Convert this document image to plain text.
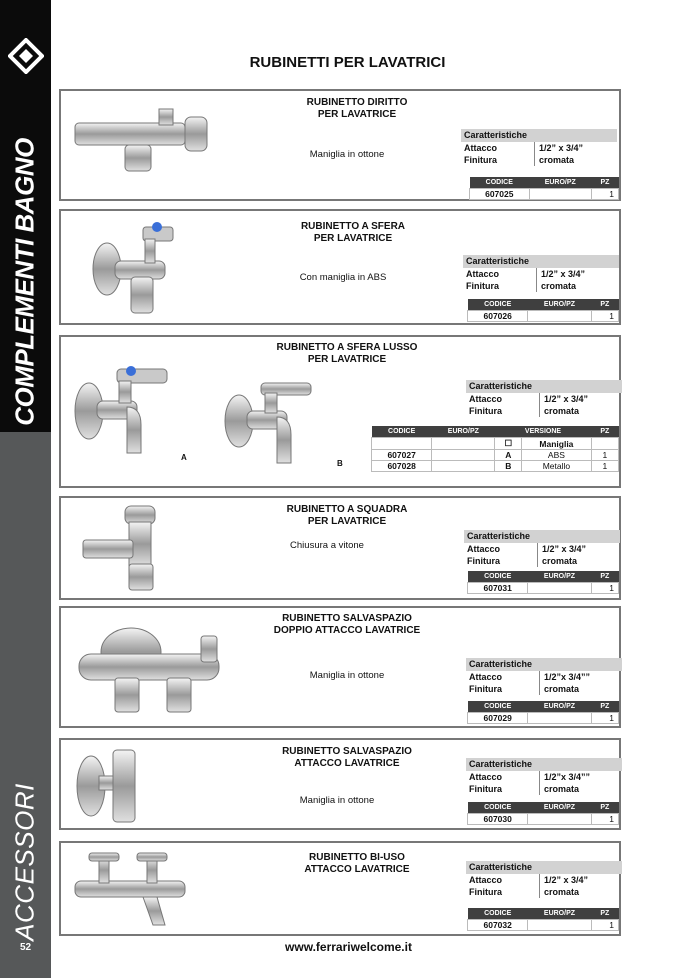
COMPLEMENTI BAGNO
ACCESSORI
52
RUBINETTI PER LAVATRICI
RUBINETTO DIRITTO
PER LAVATRICE
Maniglia in ottone
Caratteristiche
Attacco	1/2” x 3/4”
Finitura	cromata
CODICE	EURO/PZ	PZ
607025		1
RUBINETTO A SFERA
PER LAVATRICE
Con maniglia in ABS
Caratteristiche
Attacco	1/2” x 3/4”
Finitura	cromata
CODICE	EURO/PZ	PZ
607026		1
A
B
RUBINETTO A SFERA LUSSO
PER LAVATRICE
Caratteristiche
Attacco	1/2” x 3/4”
Finitura	cromata
CODICE	EURO/PZ	VERSIONE		PZ
		☐	Maniglia	
607027		A	ABS	1
607028		B	Metallo	1
RUBINETTO A SQUADRA
PER LAVATRICE
Chiusura a vitone
Caratteristiche
Attacco	1/2” x 3/4”
Finitura	cromata
CODICE	EURO/PZ	PZ
607031		1
RUBINETTO SALVASPAZIO
DOPPIO ATTACCO LAVATRICE
Maniglia in ottone
Caratteristiche
Attacco	1/2”x 3/4””
Finitura	cromata
CODICE	EURO/PZ	PZ
607029		1
RUBINETTO SALVASPAZIO
ATTACCO LAVATRICE
Maniglia in ottone
Caratteristiche
Attacco	1/2”x 3/4””
Finitura	cromata
CODICE	EURO/PZ	PZ
607030		1
RUBINETTO BI-USO
ATTACCO LAVATRICE	Caratteristiche
Attacco	1/2” x 3/4”
Finitura	cromata
CODICE	EURO/PZ	PZ
607032		1
www.ferrariwelcome.it
